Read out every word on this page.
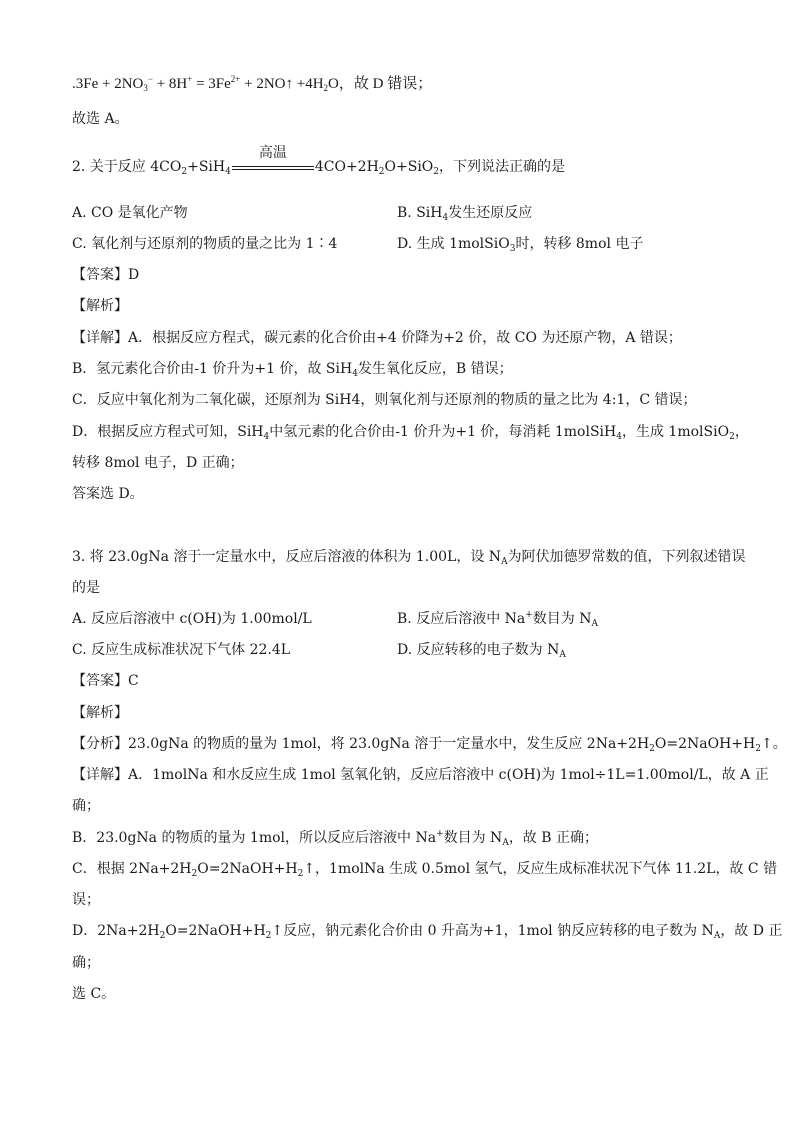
$.3Fe + 2NO_3^- + 8H^+ = 3Fe^{2+}$ + 2NO↑ $+4H_2O$，故 D 错误；
故选 A。
2. 关于反应 $4CO_2+SiH_4$
高温
$4CO+2H_2O+SiO_2$，下列说法正确的是
A. CO 是氧化产物	B. SiH$_4$发生还原反应
C. 氧化剂与还原剂的物质的量之比为 1∶4	D. 生成 1molSiO$_3$时，转移 8mol 电子
【答案】D
【解析】
【详解】A．根据反应方程式，碳元素的化合价由+4 价降为+2 价，故 CO 为还原产物，A 错误；
B．氢元素化合价由-1 价升为+1 价，故 SiH$_4$发生氧化反应，B 错误；
C．反应中氧化剂为二氧化碳，还原剂为 SiH4，则氧化剂与还原剂的物质的量之比为 4:1，C 错误；
D．根据反应方程式可知，SiH$_4$中氢元素的化合价由-1 价升为+1 价，每消耗 1molSiH$_4$，生成 1molSiO$_2$，
转移 8mol 电子，D 正确；
答案选 D。
3. 将 23.0gNa 溶于一定量水中，反应后溶液的体积为 1.00L，设 $N_A$为阿伏加德罗常数的值，下列叙述错误
的是
A. 反应后溶液中 c(OH)为 1.00mol/L	B. 反应后溶液中 Na+数目为 $N_A$
C. 反应生成标准状况下气体 22.4L	D. 反应转移的电子数为 $N_A$
【答案】C
【解析】
【分析】23.0gNa 的物质的量为 1mol，将 23.0gNa 溶于一定量水中，发生反应 $2Na+2H_2O=2NaOH+H_2↑$。
【详解】A．1molNa 和水反应生成 1mol 氢氧化钠，反应后溶液中 c(OH)为 1mol÷1L=1.00mol/L，故 A 正
确；
B．23.0gNa 的物质的量为 1mol，所以反应后溶液中 Na+数目为 $N_A$，故 B 正确；
C．根据 $2Na+2H_2O=2NaOH+H_2↑$，1molNa 生成 0.5mol 氢气，反应生成标准状况下气体 11.2L，故 C 错
误；
D．$2Na+2H_2O=2NaOH+H_2↑$反应，钠元素化合价由 0 升高为+1，1mol 钠反应转移的电子数为 $N_A$，故 D 正
确；
选 C。
